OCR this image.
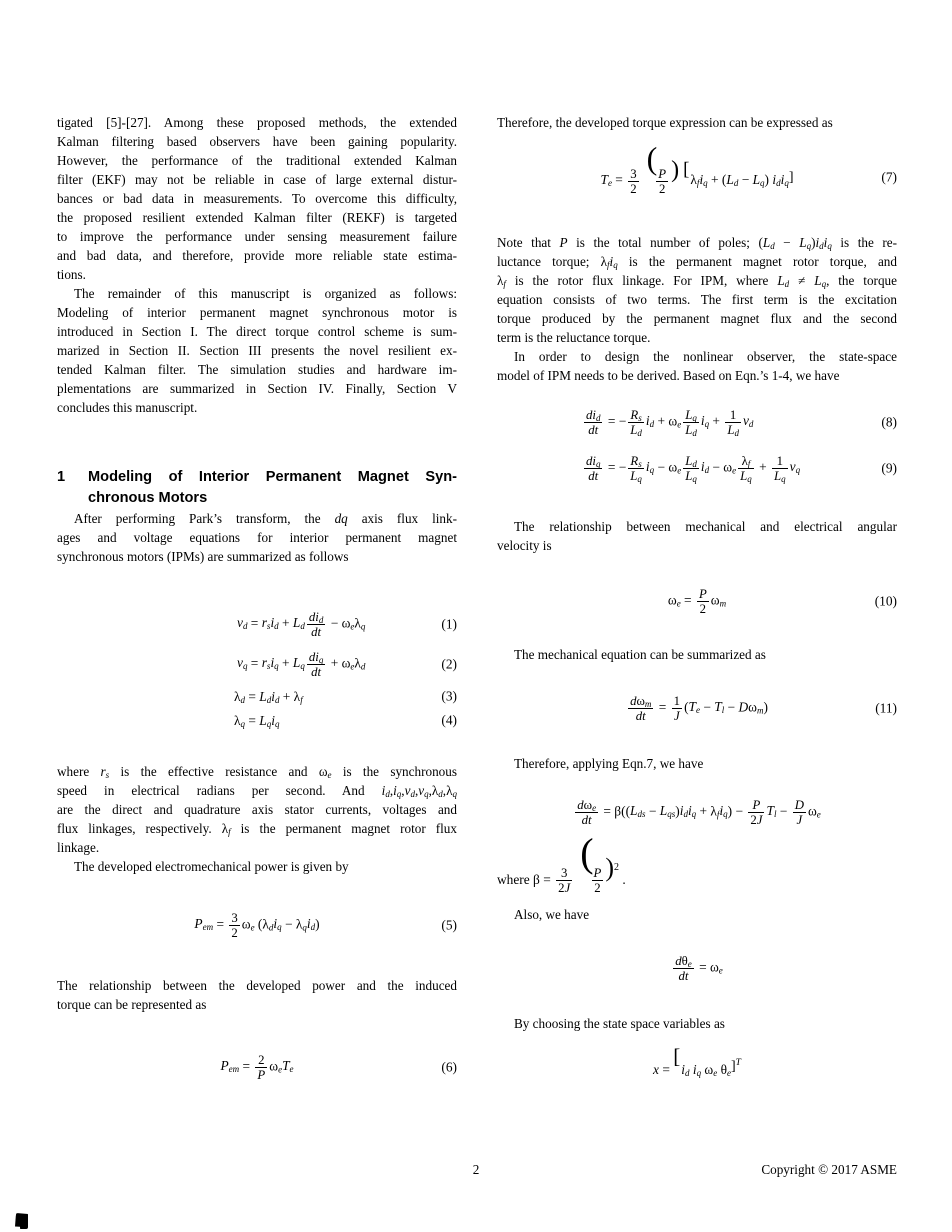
tigated [5]-[27]. Among these proposed methods, the extended
Kalman filtering based observers have been gaining popularity.
However, the performance of the traditional extended Kalman
filter (EKF) may not be reliable in case of large external distur-
bances or bad data in measurements. To overcome this difficulty,
the proposed resilient extended Kalman filter (REKF) is targeted
to improve the performance under sensing measurement failure
and bad data, and therefore, provide more reliable state estima-
tions.
The remainder of this manuscript is organized as follows:
Modeling of interior permanent magnet synchronous motor is
introduced in Section I. The direct torque control scheme is sum-
marized in Section II. Section III presents the novel resilient ex-
tended Kalman filter. The simulation studies and hardware im-
plementations are summarized in Section IV. Finally, Section V
concludes this manuscript.
1	Modeling of Interior Permanent Magnet Syn-
chronous Motors
After performing Park’s transform, the dq axis flux link-
ages and voltage equations for interior permanent magnet
synchronous motors (IPMs) are summarized as follows
$v_d = r_si_d + L_d \frac{di_d}{dt} - \omega_e\lambda_q$	(1)
$v_q = r_si_q + L_q \frac{di_q}{dt} + \omega_e\lambda_d$	(2)
$\lambda_d = L_di_d + \lambda_f$	(3)
$\lambda_q = L_qi_q$	(4)
where $r_s$ is the effective resistance and $\omega_e$ is the synchronous
speed in electrical radians per second. And $i_d,i_q,v_d,v_q,\lambda_d,\lambda_q$
are the direct and quadrature axis stator currents, voltages and
flux linkages, respectively. $\lambda_f$ is the permanent magnet rotor flux
linkage.
The developed electromechanical power is given by
$P_{em} = \frac{3}{2} \omega_e$ $(\lambda_di_q - \lambda_qi_d)$	(5)
The relationship between the developed power and the induced
torque can be represented as
$P_{em} = \frac{2}{P} \omega_eT_e$	(6)
Therefore, the developed torque expression can be expressed as
$T_e = \frac{3}{2}$
(
$\frac{P}{2}$ ) [$\lambda_fi_q + (L_d - L_q)$ $i_di_q$]	(7)
Note that P is the total number of poles; $(L_d - L_q)i_di_q$ is the re-
luctance torque; $\lambda_fi_q$ is the permanent magnet rotor torque, and
$\lambda_f$ is the rotor flux linkage. For IPM, where $L_d \ne L_q$, the torque
equation consists of two terms. The first term is the excitation
torque produced by the permanent magnet flux and the second
term is the reluctance torque.
In order to design the nonlinear observer, the state-space
model of IPM needs to be derived. Based on Eqn.’s 1-4, we have
$\frac{di_d}{dt}$ = − $\frac{R_s}{L_d} i_d + \omega_e \frac{L_q}{L_d} i_q + \frac{1}{L_d} v_d$	(8)
$\frac{di_q}{dt}$ = − $\frac{R_s}{L_q} i_q - \omega_e \frac{L_d}{L_q} i_d - \omega_e \frac{\lambda_f}{L_q} + \frac{1}{L_q} v_q$	(9)
The relationship between mechanical and electrical angular
velocity is
$\omega_e = \frac{P}{2} \omega_m$	(10)
The mechanical equation can be summarized as
$\frac{d\omega_m}{dt} = \frac{1}{J} (T_e - T_l - D\omega_m)$	(11)
Therefore, applying Eqn.7, we have
$\frac{d\omega_e}{dt} = \beta((L_{ds} - L_{qs})i_di_q + \lambda_fi_q) - \frac{P}{2J} T_l - \frac{D}{J} \omega_e$
where $\beta = \frac{3}{2J}$
(
$\frac{P}{2} )^2$ .
Also, we have
$\frac{d\theta_e}{dt} = \omega_e$
By choosing the state space variables as
$x = [i_d$ $i_q$ $\omega_e$ $\theta_e]^T$
2	Copyright © 2017 ASME
